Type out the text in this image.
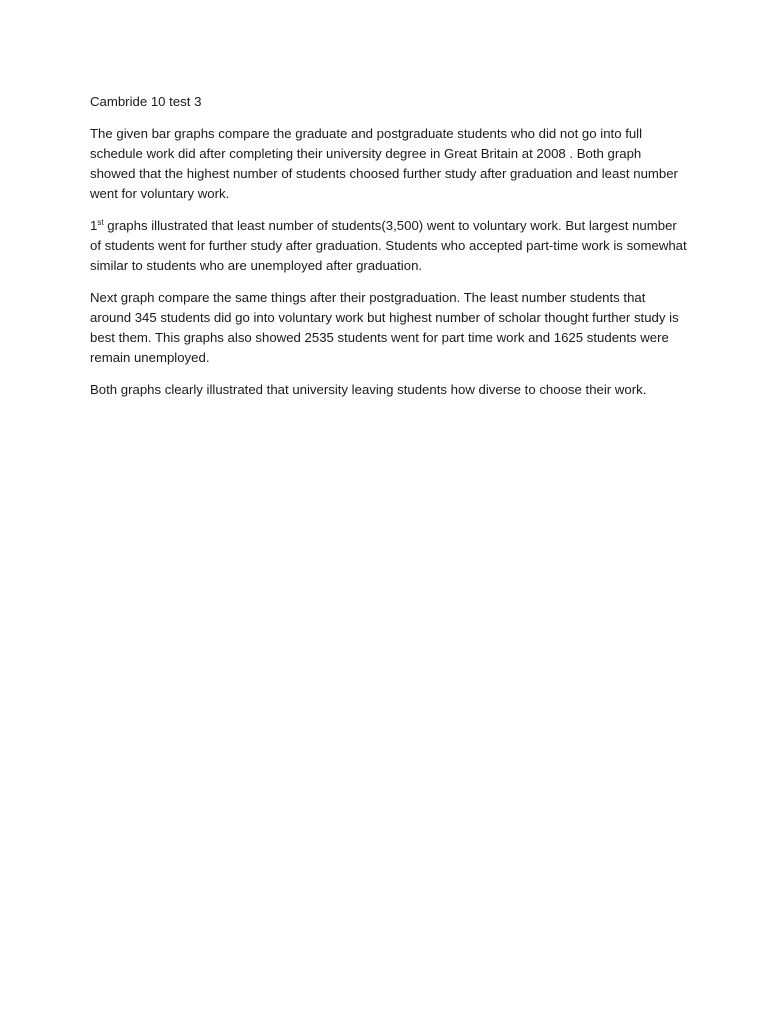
Cambride 10 test 3

The given bar graphs compare the graduate and postgraduate students who did not go into full schedule work did after completing their university degree in Great Britain at 2008 . Both graph showed that the highest number of students choosed further study after graduation and least number went for voluntary work.

1st graphs illustrated that least number of students(3,500) went to voluntary work. But largest number of students went for further study after graduation. Students who accepted part-time work is somewhat similar to students who are unemployed after graduation.

Next graph compare the same things after their postgraduation. The least number students that around 345 students did go into voluntary work but highest number of scholar thought further study is best them. This graphs also showed 2535 students went for part time work and 1625 students were remain unemployed.

Both graphs clearly illustrated that university leaving students how diverse to choose their work.
